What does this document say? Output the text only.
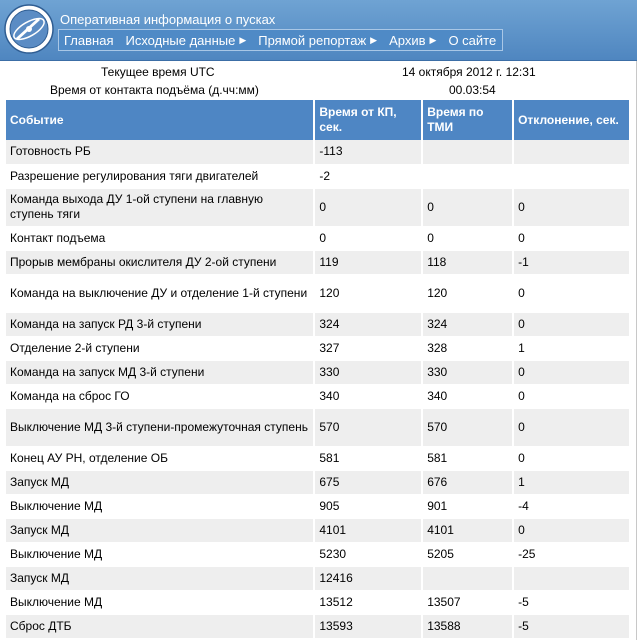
Оперативная информация о пусках
Главная Исходные данные ▶ Прямой репортаж ▶ Архив ▶ О сайте
Текущее время UTC	14 октября 2012 г. 12:31
Время от контакта подъёма (д.чч:мм)	00.03:54
Событие	Время от КП, сек.	Время по ТМИ	Отклонение, сек.
Готовность РБ	-113		
Разрешение регулирования тяги двигателей	-2		
Команда выхода ДУ 1-ой ступени на главную ступень тяги	0	0	0
Контакт подъема	0	0	0
Прорыв мембраны окислителя ДУ 2-ой ступени	119	118	-1
Команда на выключение ДУ и отделение 1-й ступени	120	120	0
Команда на запуск РД 3-й ступени	324	324	0
Отделение 2-й ступени	327	328	1
Команда на запуск МД 3-й ступени	330	330	0
Команда на сброс ГО	340	340	0
Выключение МД 3-й ступени-промежуточная ступень	570	570	0
Конец АУ РН, отделение ОБ	581	581	0
Запуск МД	675	676	1
Выключение МД	905	901	-4
Запуск МД	4101	4101	0
Выключение МД	5230	5205	-25
Запуск МД	12416		
Выключение МД	13512	13507	-5
Сброс ДТБ	13593	13588	-5
